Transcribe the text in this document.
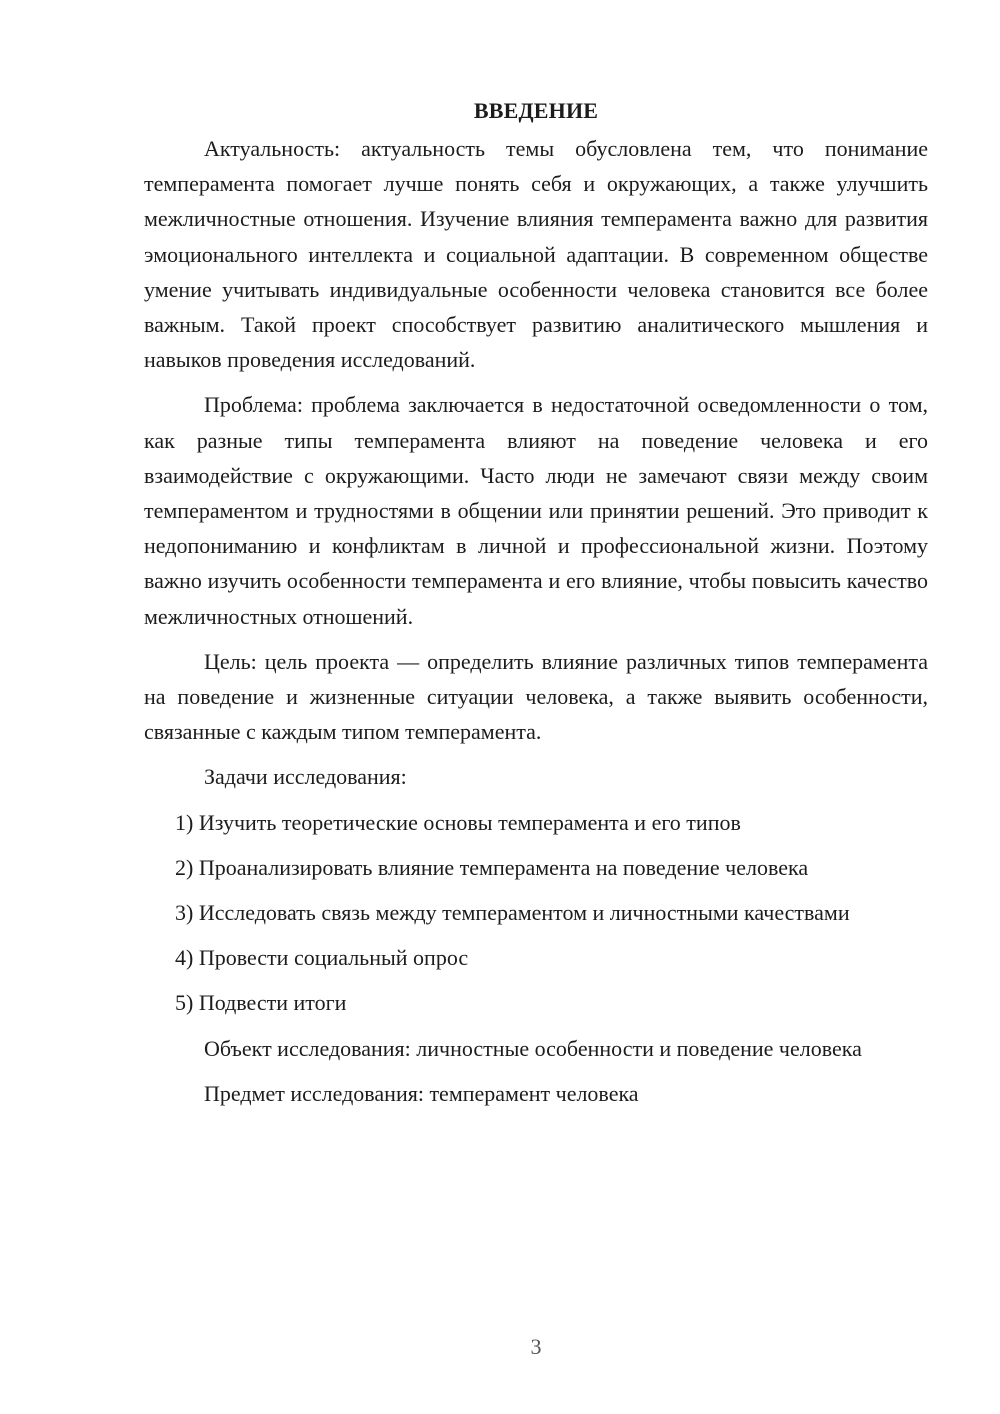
ВВЕДЕНИЕ

Актуальность: актуальность темы обусловлена тем, что понимание темперамента помогает лучше понять себя и окружающих, а также улучшить межличностные отношения. Изучение влияния темперамента важно для развития эмоционального интеллекта и социальной адаптации. В современном обществе умение учитывать индивидуальные особенности человека становится все более важным. Такой проект способствует развитию аналитического мышления и навыков проведения исследований.

Проблема: проблема заключается в недостаточной осведомленности о том, как разные типы темперамента влияют на поведение человека и его взаимодействие с окружающими. Часто люди не замечают связи между своим темпераментом и трудностями в общении или принятии решений. Это приводит к недопониманию и конфликтам в личной и профессиональной жизни. Поэтому важно изучить особенности темперамента и его влияние, чтобы повысить качество межличностных отношений.

Цель: цель проекта — определить влияние различных типов темперамента на поведение и жизненные ситуации человека, а также выявить особенности, связанные с каждым типом темперамента.

Задачи исследования:

1) Изучить теоретические основы темперамента и его типов

2) Проанализировать влияние темперамента на поведение человека

3) Исследовать связь между темпераментом и личностными качествами

4) Провести социальный опрос

5) Подвести итоги

Объект исследования: личностные особенности и поведение человека

Предмет исследования: темперамент человека

3
